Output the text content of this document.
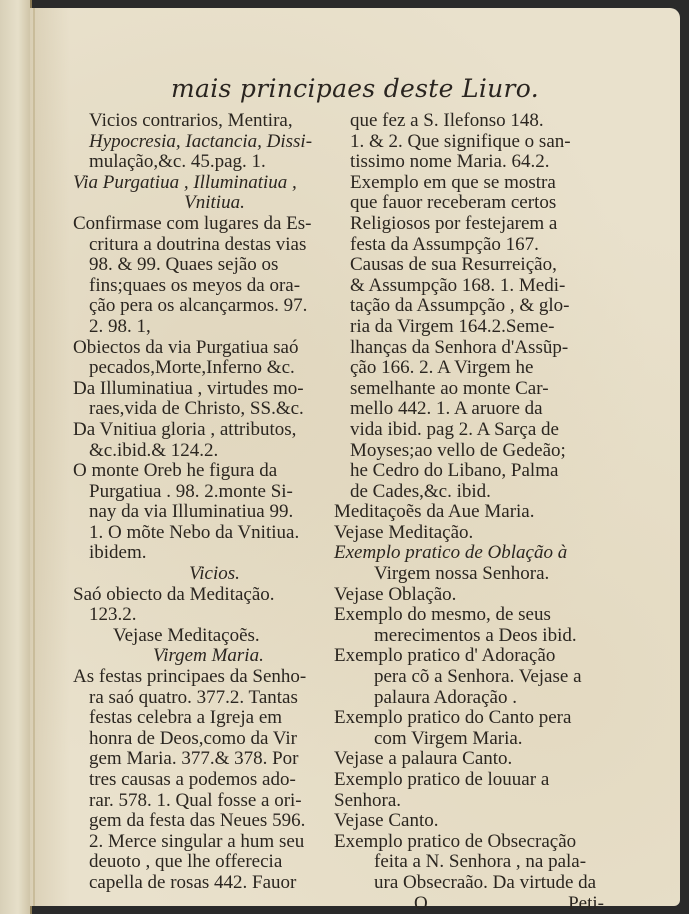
mais principaes deste Liuro.
Vicios contrarios, Mentira,
Hypocresia, Iactancia, Dissi-
mulação,&c. 45.pag. 1.
Via Purgatiua , Illuminatiua ,
Vnitiua.
Confirmase com lugares da Es-
critura a doutrina destas vias
98. & 99. Quaes sejão os
fins;quaes os meyos da ora-
ção pera os alcançarmos. 97.
2. 98. 1,
Obiectos da via Purgatiua saó
pecados,Morte,Inferno &c.
Da Illuminatiua , virtudes mo-
raes,vida de Christo, SS.&c.
Da Vnitiua gloria , attributos,
&c.ibid.& 124.2.
O monte Oreb he figura da
Purgatiua . 98. 2.monte Si-
nay da via Illuminatiua 99.
1. O mõte Nebo da Vnitiua.
ibidem.
Vicios.
Saó obiecto da Meditação.
123.2.
Vejase Meditaçoẽs.
Virgem Maria.
As festas principaes da Senho-
ra saó quatro. 377.2. Tantas
festas celebra a Igreja em
honra de Deos,como da Vir
gem Maria. 377.& 378. Por
tres causas a podemos ado-
rar. 578. 1. Qual fosse a ori-
gem da festa das Neues 596.
2. Merce singular a hum seu
deuoto , que lhe offerecia
capella de rosas 442. Fauor
que fez a S. Ilefonso 148.
1. & 2. Que signifique o san-
tissimo nome Maria. 64.2.
Exemplo em que se mostra
que fauor receberam certos
Religiosos por festejarem a
festa da Assumpção 167.
Causas de sua Resurreição,
& Assumpção 168. 1. Medi-
tação da Assumpção , & glo-
ria da Virgem 164.2.Seme-
lhanças da Senhora d'Assũp-
ção 166. 2. A Virgem he
semelhante ao monte Car-
mello 442. 1. A aruore da
vida ibid. pag 2. A Sarça de
Moyses;ao vello de Gedeão;
he Cedro do Libano, Palma
de Cades,&c. ibid.
Meditaçoẽs da Aue Maria.
Vejase Meditação.
Exemplo pratico de Oblação à
Virgem nossa Senhora.
Vejase Oblação.
Exemplo do mesmo, de seus
merecimentos a Deos ibid.
Exemplo pratico d' Adoração
pera cõ a Senhora. Vejase a
palaura Adoração .
Exemplo pratico do Canto pera
com Virgem Maria.
Vejase a palaura Canto.
Exemplo pratico de louuar a
Senhora.
Vejase Canto.
Exemplo pratico de Obsecração
feita a N. Senhora , na pala-
ura Obsecraão. Da virtude da
O	Peti-
